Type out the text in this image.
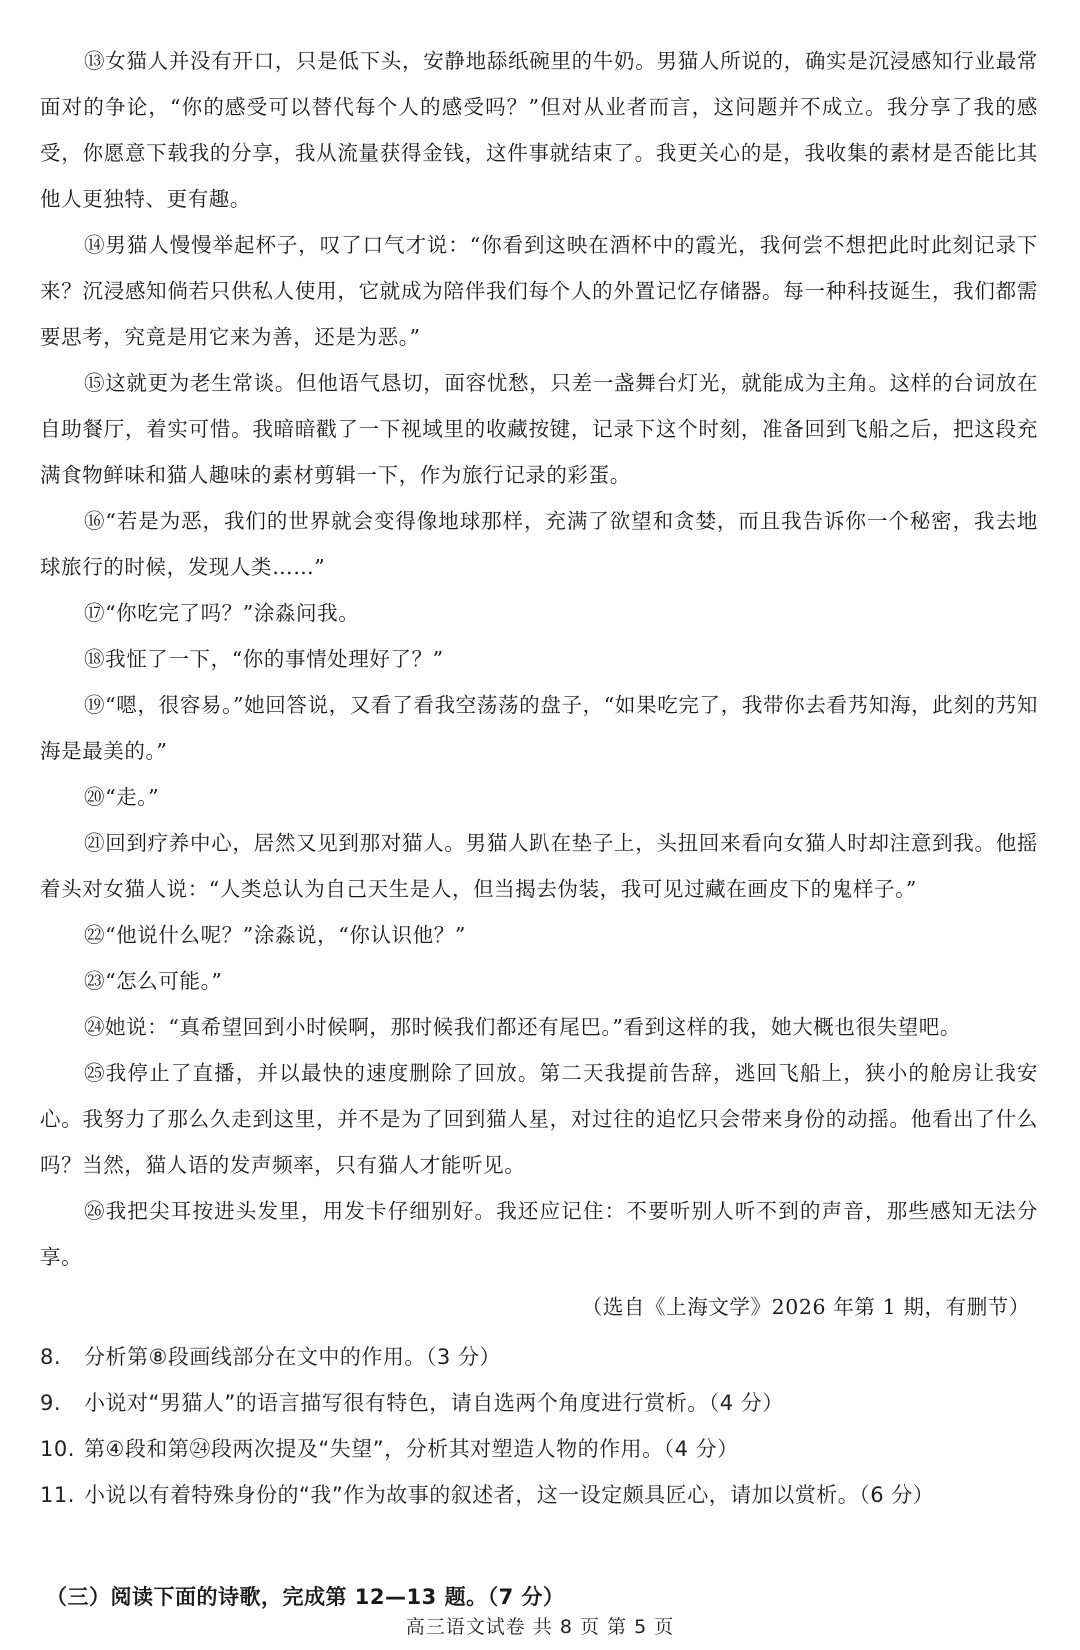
⑬女猫人并没有开口，只是低下头，安静地舔纸碗里的牛奶。男猫人所说的，确实是沉浸感知行业最常面对的争论，“你的感受可以替代每个人的感受吗？”但对从业者而言，这问题并不成立。我分享了我的感受，你愿意下载我的分享，我从流量获得金钱，这件事就结束了。我更关心的是，我收集的素材是否能比其他人更独特、更有趣。

⑭男猫人慢慢举起杯子，叹了口气才说：“你看到这映在酒杯中的霞光，我何尝不想把此时此刻记录下来？沉浸感知倘若只供私人使用，它就成为陪伴我们每个人的外置记忆存储器。每一种科技诞生，我们都需要思考，究竟是用它来为善，还是为恶。”

⑮这就更为老生常谈。但他语气恳切，面容忧愁，只差一盏舞台灯光，就能成为主角。这样的台词放在自助餐厅，着实可惜。我暗暗戳了一下视域里的收藏按键，记录下这个时刻，准备回到飞船之后，把这段充满食物鲜味和猫人趣味的素材剪辑一下，作为旅行记录的彩蛋。

⑯“若是为恶，我们的世界就会变得像地球那样，充满了欲望和贪婪，而且我告诉你一个秘密，我去地球旅行的时候，发现人类……”

⑰“你吃完了吗？”涂淼问我。

⑱我怔了一下，“你的事情处理好了？”

⑲“嗯，很容易。”她回答说，又看了看我空荡荡的盘子，“如果吃完了，我带你去看艿知海，此刻的艿知海是最美的。”

⑳“走。”

㉑回到疗养中心，居然又见到那对猫人。男猫人趴在垫子上，头扭回来看向女猫人时却注意到我。他摇着头对女猫人说：“人类总认为自己天生是人，但当揭去伪装，我可见过藏在画皮下的鬼样子。”

㉒“他说什么呢？”涂淼说，“你认识他？”

㉓“怎么可能。”

㉔她说：“真希望回到小时候啊，那时候我们都还有尾巴。”看到这样的我，她大概也很失望吧。

㉕我停止了直播，并以最快的速度删除了回放。第二天我提前告辞，逃回飞船上，狭小的舱房让我安心。我努力了那么久走到这里，并不是为了回到猫人星，对过往的追忆只会带来身份的动摇。他看出了什么吗？当然，猫人语的发声频率，只有猫人才能听见。

㉖我把尖耳按进头发里，用发卡仔细别好。我还应记住：不要听别人听不到的声音，那些感知无法分享。

（选自《上海文学》2026 年第 1 期，有删节）

8.	分析第⑧段画线部分在文中的作用。（3 分）
9.	小说对“男猫人”的语言描写很有特色，请自选两个角度进行赏析。（4 分）
10. 第④段和第㉔段两次提及“失望”，分析其对塑造人物的作用。（4 分）
11. 小说以有着特殊身份的“我”作为故事的叙述者，这一设定颇具匠心，请加以赏析。（6 分）
（三）阅读下面的诗歌，完成第 12—13 题。（7 分）
高三语文试卷 共 8 页 第 5 页
